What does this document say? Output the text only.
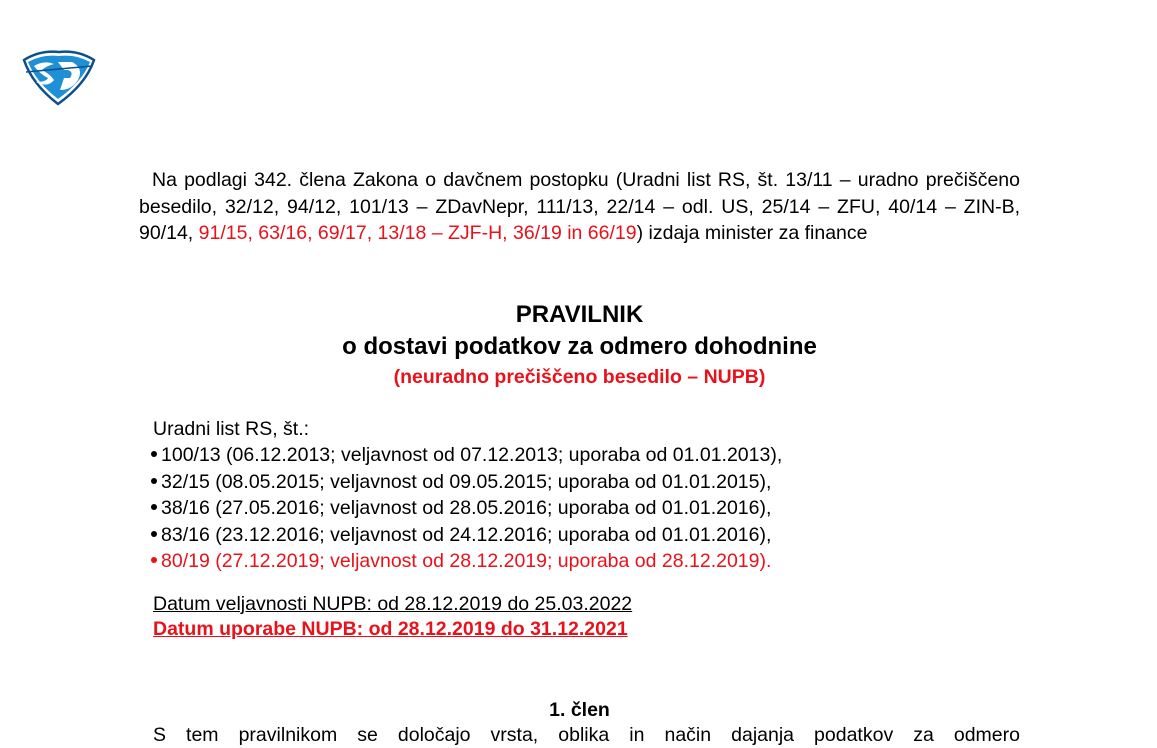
Na podlagi 342. člena Zakona o davčnem postopku (Uradni list RS, št. 13/11 – uradno prečiščeno besedilo, 32/12, 94/12, 101/13 – ZDavNepr, 111/13, 22/14 – odl. US, 25/14 – ZFU, 40/14 – ZIN-B, 90/14, 91/15, 63/16, 69/17, 13/18 – ZJF-H, 36/19 in 66/19) izdaja minister za finance

PRAVILNIK
o dostavi podatkov za odmero dohodnine

(neuradno prečiščeno besedilo – NUPB)

Uradni list RS, št.:

100/13 (06.12.2013; veljavnost od 07.12.2013; uporaba od 01.01.2013),
32/15 (08.05.2015; veljavnost od 09.05.2015; uporaba od 01.01.2015),
38/16 (27.05.2016; veljavnost od 28.05.2016; uporaba od 01.01.2016),
83/16 (23.12.2016; veljavnost od 24.12.2016; uporaba od 01.01.2016),
80/19 (27.12.2019; veljavnost od 28.12.2019; uporaba od 28.12.2019).

Datum veljavnosti NUPB: od 28.12.2019 do 25.03.2022

Datum uporabe NUPB: od 28.12.2019 do 31.12.2021

1. člen

S tem pravilnikom se določajo vrsta, oblika in način dajanja podatkov za odmero
